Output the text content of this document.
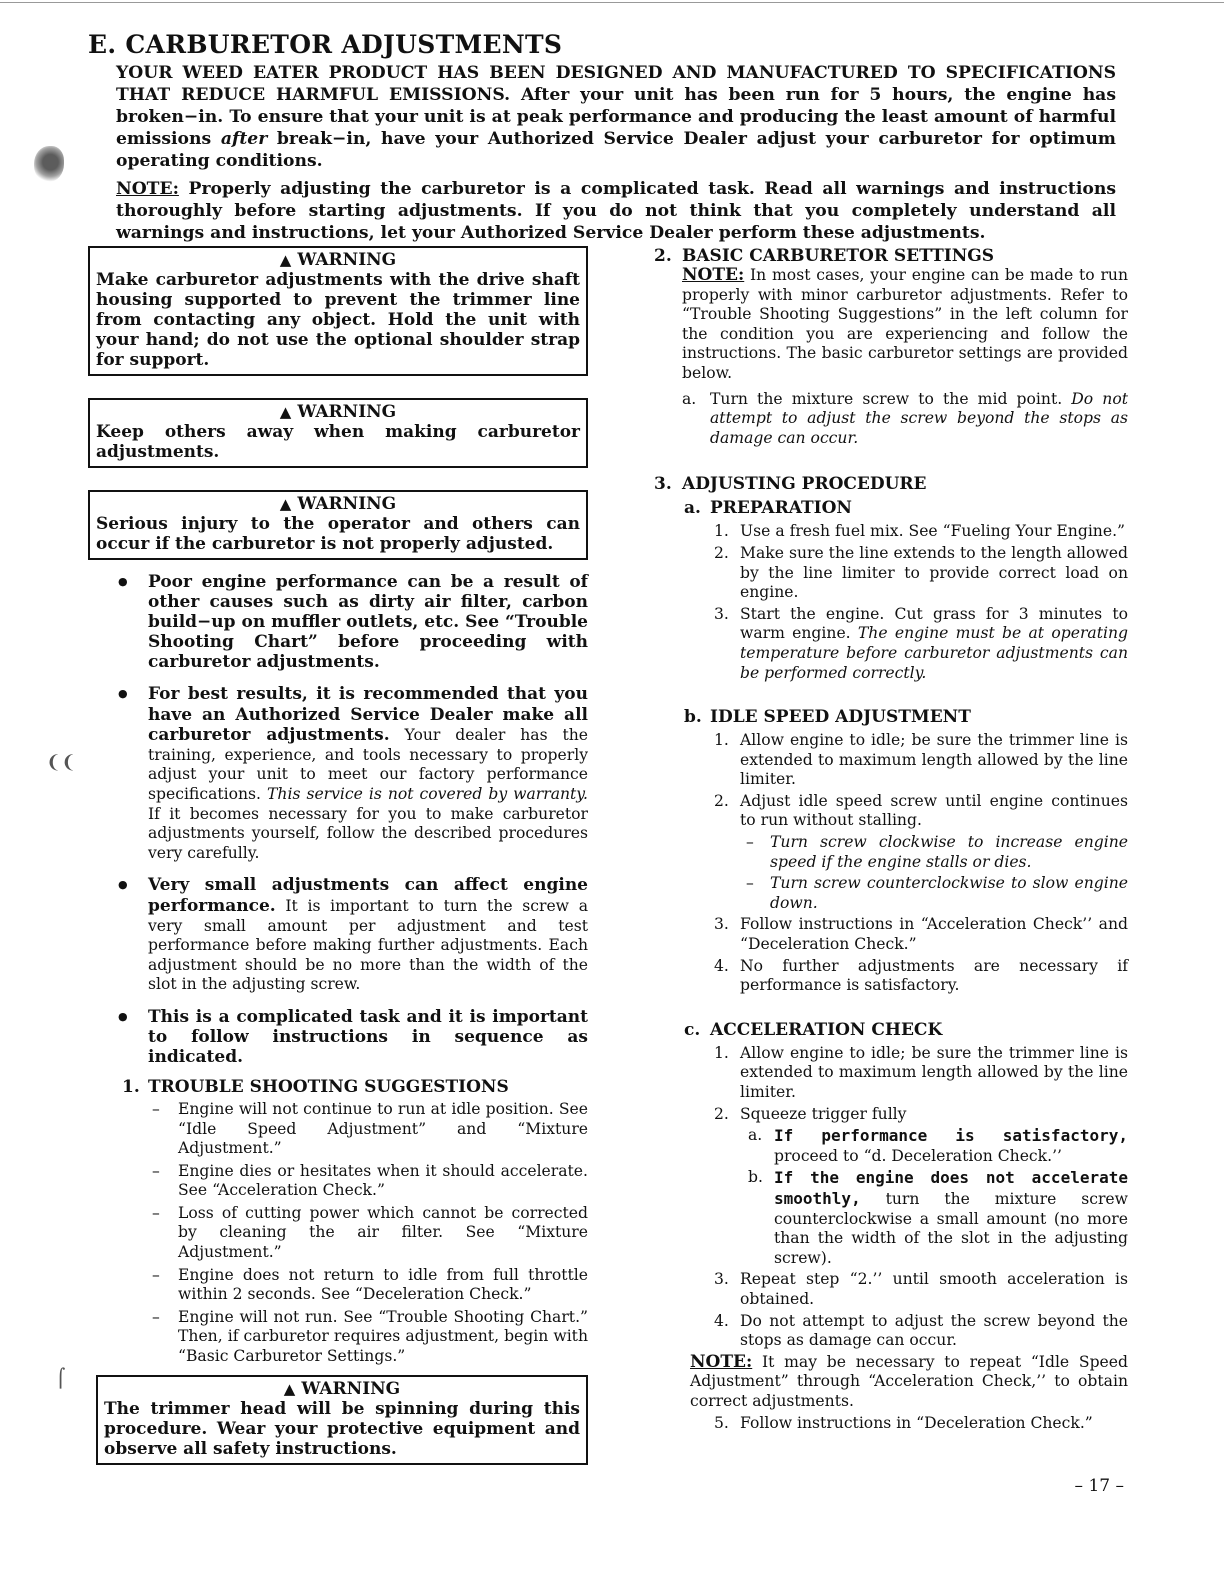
❨❨
⌠
E. CARBURETOR ADJUSTMENTS

YOUR WEED EATER PRODUCT HAS BEEN DESIGNED AND MANUFACTURED TO SPECIFICATIONS THAT REDUCE HARMFUL EMISSIONS. After your unit has been run for 5 hours, the engine has broken−in. To ensure that your unit is at peak performance and producing the least amount of harmful emissions after break−in, have your Authorized Service Dealer adjust your carburetor for optimum operating conditions.

NOTE: Properly adjusting the carburetor is a complicated task. Read all warnings and instructions thoroughly before starting adjustments. If you do not think that you completely understand all warnings and instructions, let your Authorized Service Dealer perform these adjustments.

▲ WARNING
Make carburetor adjustments with the drive shaft housing supported to prevent the trimmer line from contacting any object. Hold the unit with your hand; do not use the optional shoulder strap for support.
▲ WARNING
Keep others away when making carburetor adjustments.
▲ WARNING
Serious injury to the operator and others can occur if the carburetor is not properly adjusted.
● Poor engine performance can be a result of other causes such as dirty air filter, carbon build−up on muffler outlets, etc. See “Trouble Shooting Chart” before proceeding with carburetor adjustments.
● For best results, it is recommended that you have an Authorized Service Dealer make all carburetor adjustments. Your dealer has the training, experience, and tools necessary to properly adjust your unit to meet our factory performance specifications. This service is not covered by warranty. If it becomes necessary for you to make carburetor adjustments yourself, follow the described procedures very carefully.
● Very small adjustments can affect engine performance. It is important to turn the screw a very small amount per adjustment and test performance before making further adjustments. Each adjustment should be no more than the width of the slot in the adjusting screw.
● This is a complicated task and it is important to follow instructions in sequence as indicated.
1. TROUBLE SHOOTING SUGGESTIONS
– Engine will not continue to run at idle position. See “Idle Speed Adjustment” and “Mixture Adjustment.”
– Engine dies or hesitates when it should accelerate. See “Acceleration Check.”
– Loss of cutting power which cannot be corrected by cleaning the air filter. See “Mixture Adjustment.”
– Engine does not return to idle from full throttle within 2 seconds. See “Deceleration Check.”
– Engine will not run. See “Trouble Shooting Chart.” Then, if carburetor requires adjustment, begin with “Basic Carburetor Settings.”
▲ WARNING
The trimmer head will be spinning during this procedure. Wear your protective equipment and observe all safety instructions.
2. BASIC CARBURETOR SETTINGS
NOTE: In most cases, your engine can be made to run properly with minor carburetor adjustments. Refer to “Trouble Shooting Suggestions” in the left column for the condition you are experiencing and follow the instructions. The basic carburetor settings are provided below.
a. Turn the mixture screw to the mid point. Do not attempt to adjust the screw beyond the stops as damage can occur.
3. ADJUSTING PROCEDURE
a. PREPARATION
1. Use a fresh fuel mix. See “Fueling Your Engine.”
2. Make sure the line extends to the length allowed by the line limiter to provide correct load on engine.
3. Start the engine. Cut grass for 3 minutes to warm engine. The engine must be at operating temperature before carburetor adjustments can be performed correctly.
b. IDLE SPEED ADJUSTMENT
1. Allow engine to idle; be sure the trimmer line is extended to maximum length allowed by the line limiter.
2. Adjust idle speed screw until engine continues to run without stalling.
– Turn screw clockwise to increase engine speed if the engine stalls or dies.
– Turn screw counterclockwise to slow engine down.
3. Follow instructions in “Acceleration Check’’ and “Deceleration Check.”
4. No further adjustments are necessary if performance is satisfactory.
c. ACCELERATION CHECK
1. Allow engine to idle; be sure the trimmer line is extended to maximum length allowed by the line limiter.
2. Squeeze trigger fully
a. If performance is satisfactory, proceed to “d. Deceleration Check.’’
b. If the engine does not accelerate smoothly, turn the mixture screw counterclockwise a small amount (no more than the width of the slot in the adjusting screw).
3. Repeat step “2.’’ until smooth acceleration is obtained.
4. Do not attempt to adjust the screw beyond the stops as damage can occur.
NOTE: It may be necessary to repeat “Idle Speed Adjustment” through “Acceleration Check,’’ to obtain correct adjustments.
5. Follow instructions in “Deceleration Check.”
– 17 –
